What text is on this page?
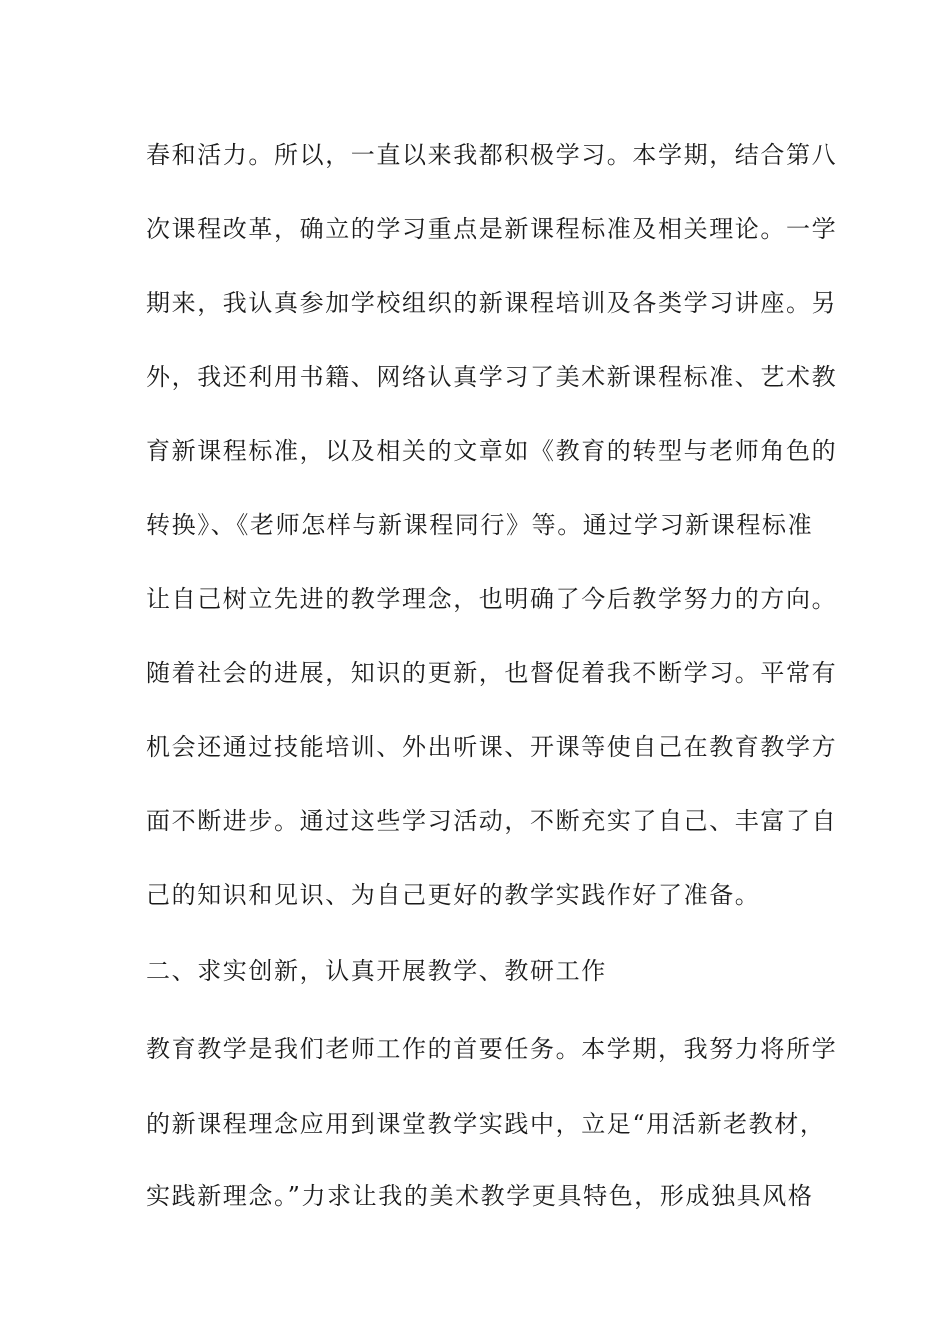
春和活力。所以，一直以来我都积极学习。本学期，结合第八
次课程改革，确立的学习重点是新课程标准及相关理论。一学
期来，我认真参加学校组织的新课程培训及各类学习讲座。另
外，我还利用书籍、网络认真学习了美术新课程标准、艺术教
育新课程标准，以及相关的文章如《教育的转型与老师角色的
转换》、《老师怎样与新课程同行》等。通过学习新课程标准
让自己树立先进的教学理念，也明确了今后教学努力的方向。
随着社会的进展，知识的更新，也督促着我不断学习。平常有
机会还通过技能培训、外出听课、开课等使自己在教育教学方
面不断进步。通过这些学习活动，不断充实了自己、丰富了自
己的知识和见识、为自己更好的教学实践作好了准备。
二、求实创新，认真开展教学、教研工作
教育教学是我们老师工作的首要任务。本学期，我努力将所学
的新课程理念应用到课堂教学实践中，立足“用活新老教材，
实践新理念。”力求让我的美术教学更具特色，形成独具风格
